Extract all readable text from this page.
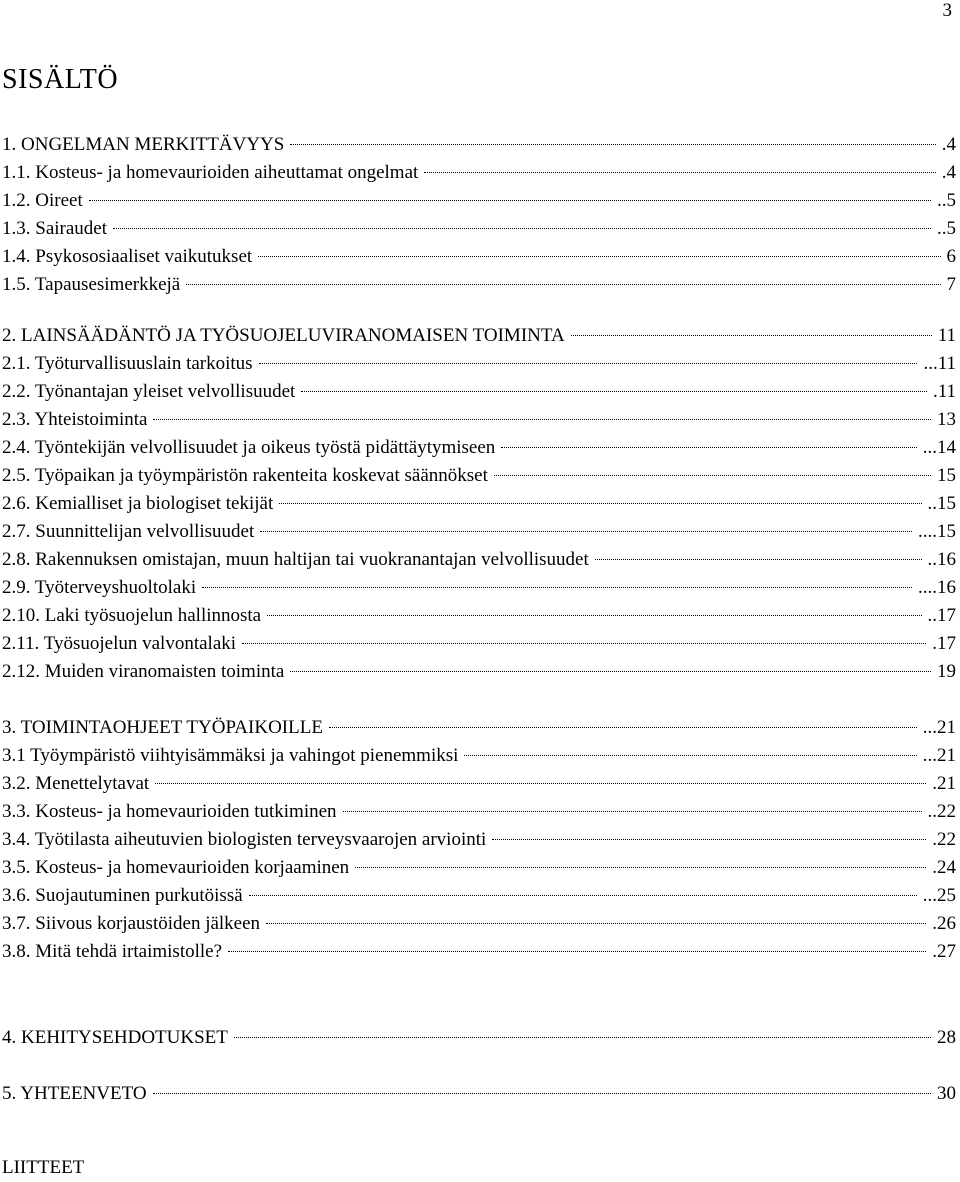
3
SISÄLTÖ
1. ONGELMAN MERKITTÄVYYS	.4
1.1. Kosteus- ja homevaurioiden aiheuttamat ongelmat	.4
1.2. Oireet	..5
1.3. Sairaudet	..5
1.4. Psykososiaaliset vaikutukset	6
1.5. Tapausesimerkkejä	7
2. LAINSÄÄDÄNTÖ JA TYÖSUOJELUVIRANOMAISEN TOIMINTA	11
2.1. Työturvallisuuslain tarkoitus	...11
2.2. Työnantajan yleiset velvollisuudet	.11
2.3. Yhteistoiminta	13
2.4. Työntekijän velvollisuudet ja oikeus työstä pidättäytymiseen	...14
2.5. Työpaikan ja työympäristön rakenteita koskevat säännökset	15
2.6. Kemialliset ja biologiset tekijät	..15
2.7. Suunnittelijan velvollisuudet	....15
2.8. Rakennuksen omistajan, muun haltijan tai vuokranantajan velvollisuudet	..16
2.9. Työterveyshuoltolaki	....16
2.10. Laki työsuojelun hallinnosta	..17
2.11. Työsuojelun valvontalaki	.17
2.12. Muiden viranomaisten toiminta	19
3. TOIMINTAOHJEET TYÖPAIKOILLE	...21
3.1 Työympäristö viihtyisämmäksi ja vahingot pienemmiksi	...21
3.2. Menettelytavat	.21
3.3. Kosteus- ja homevaurioiden tutkiminen	..22
3.4. Työtilasta aiheutuvien biologisten terveysvaarojen arviointi	.22
3.5. Kosteus- ja homevaurioiden korjaaminen	.24
3.6. Suojautuminen purkutöissä	...25
3.7. Siivous korjaustöiden jälkeen	.26
3.8. Mitä tehdä irtaimistolle?	.27
4. KEHITYSEHDOTUKSET	28
5. YHTEENVETO	30
LIITTEET
